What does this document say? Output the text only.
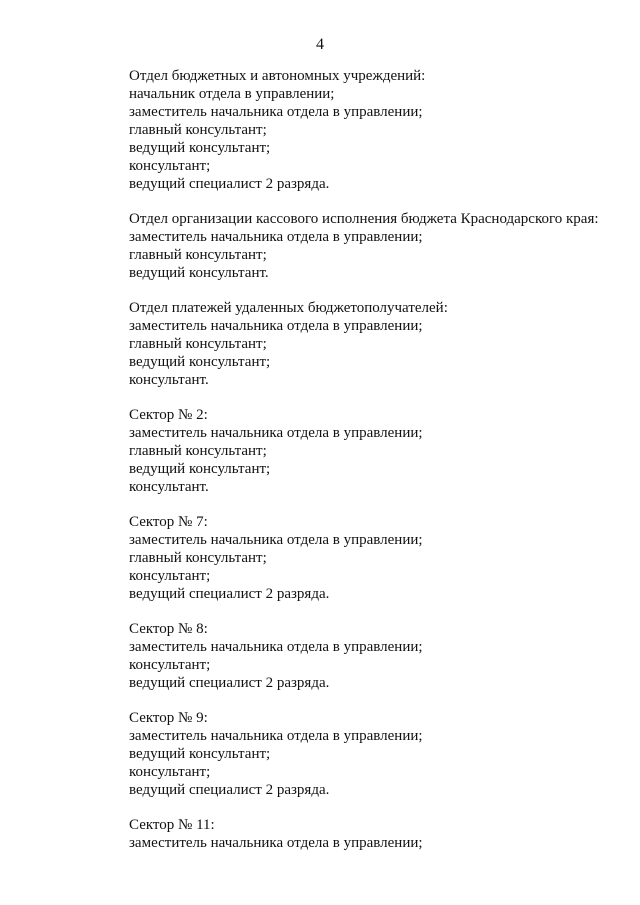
4
Отдел бюджетных и автономных учреждений:
начальник отдела в управлении;
заместитель начальника отдела в управлении;
главный консультант;
ведущий консультант;
консультант;
ведущий специалист 2 разряда.
Отдел организации кассового исполнения бюджета Краснодарского края:
заместитель начальника отдела в управлении;
главный консультант;
ведущий консультант.
Отдел платежей удаленных бюджетополучателей:
заместитель начальника отдела в управлении;
главный консультант;
ведущий консультант;
консультант.
Сектор № 2:
заместитель начальника отдела в управлении;
главный консультант;
ведущий консультант;
консультант.
Сектор № 7:
заместитель начальника отдела в управлении;
главный консультант;
консультант;
ведущий специалист 2 разряда.
Сектор № 8:
заместитель начальника отдела в управлении;
консультант;
ведущий специалист 2 разряда.
Сектор № 9:
заместитель начальника отдела в управлении;
ведущий консультант;
консультант;
ведущий специалист 2 разряда.
Сектор № 11:
заместитель начальника отдела в управлении;
